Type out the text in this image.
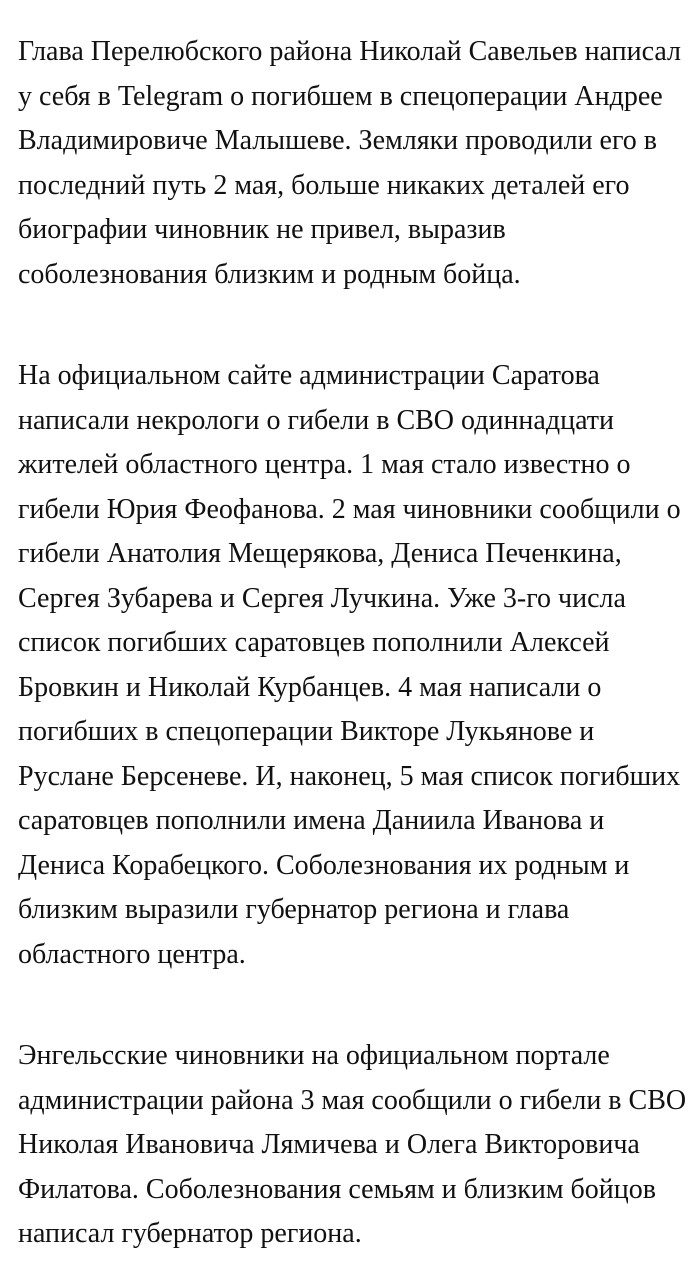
Глава Перелюбского района Николай Савельев написал у себя в Telegram о погибшем в спецоперации Андрее Владимировиче Малышеве. Земляки проводили его в последний путь 2 мая, больше никаких деталей его биографии чиновник не привел, выразив соболезнования близким и родным бойца.

На официальном сайте администрации Саратова написали некрологи о гибели в СВО одиннадцати жителей областного центра. 1 мая стало известно о гибели Юрия Феофанова. 2 мая чиновники сообщили о гибели Анатолия Мещерякова, Дениса Печенкина, Сергея Зубарева и Сергея Лучкина. Уже 3-го числа список погибших саратовцев пополнили Алексей Бровкин и Николай Курбанцев. 4 мая написали о погибших в спецоперации Викторе Лукьянове и Руслане Берсеневе. И, наконец, 5 мая список погибших саратовцев пополнили имена Даниила Иванова и Дениса Корабецкого. Соболезнования их родным и близким выразили губернатор региона и глава областного центра.

Энгельсские чиновники на официальном портале администрации района 3 мая сообщили о гибели в СВО Николая Ивановича Лямичева и Олега Викторовича Филатова. Соболезнования семьям и близким бойцов написал губернатор региона.
